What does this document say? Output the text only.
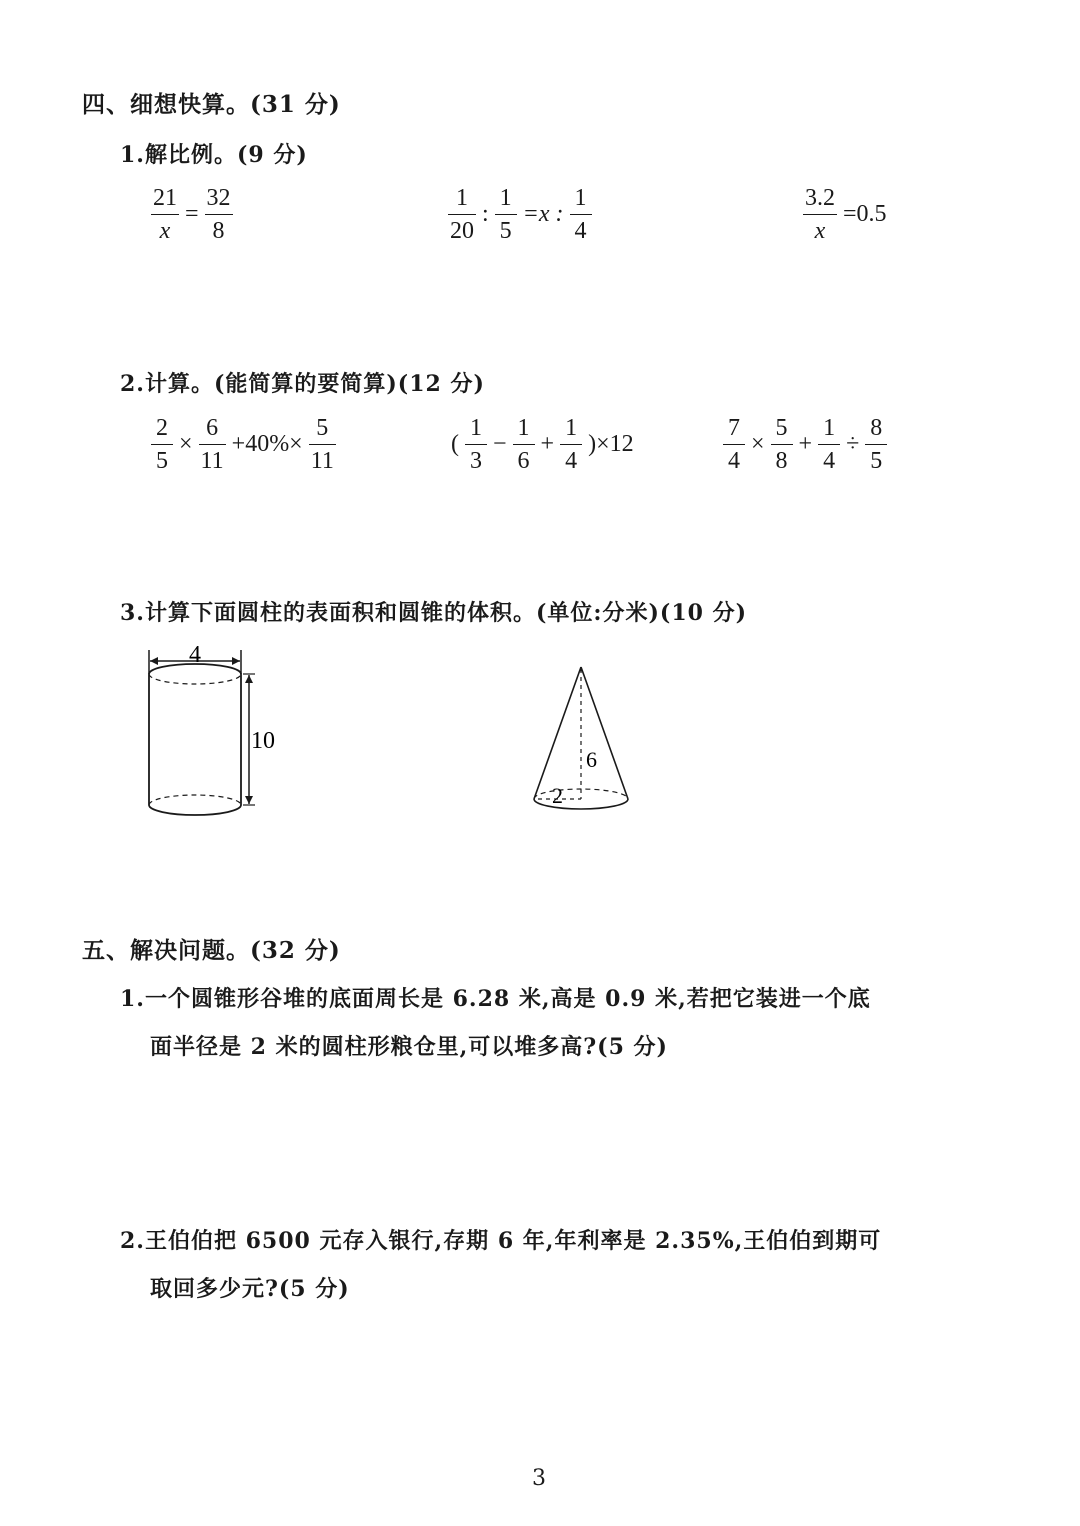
四、细想快算。(31 分)
1.解比例。(9 分)
$\frac{21}{x} = \frac{32}{8}$	$\frac{1}{20}$ : $\frac{1}{5} =x$ : $\frac{1}{4}$	$\frac{3.2}{x} =0.5$
2.计算。(能简算的要简算)(12 分)
$\frac{2}{5} \times \frac{6}{11} +40\%\times \frac{5}{11}$	( $\frac{1}{3} - \frac{1}{6} + \frac{1}{4} )\times 12$	$\frac{7}{4} \times \frac{5}{8} + \frac{1}{4} \div \frac{8}{5}$
3.计算下面圆柱的表面积和圆锥的体积。(单位:分米)(10 分)
4
10
6
2
五、解决问题。(32 分)
1.一个圆锥形谷堆的底面周长是 6.28 米,高是 0.9 米,若把它装进一个底
面半径是 2 米的圆柱形粮仓里,可以堆多高?(5 分)
2.王伯伯把 6500 元存入银行,存期 6 年,年利率是 2.35%,王伯伯到期可
取回多少元?(5 分)
3
